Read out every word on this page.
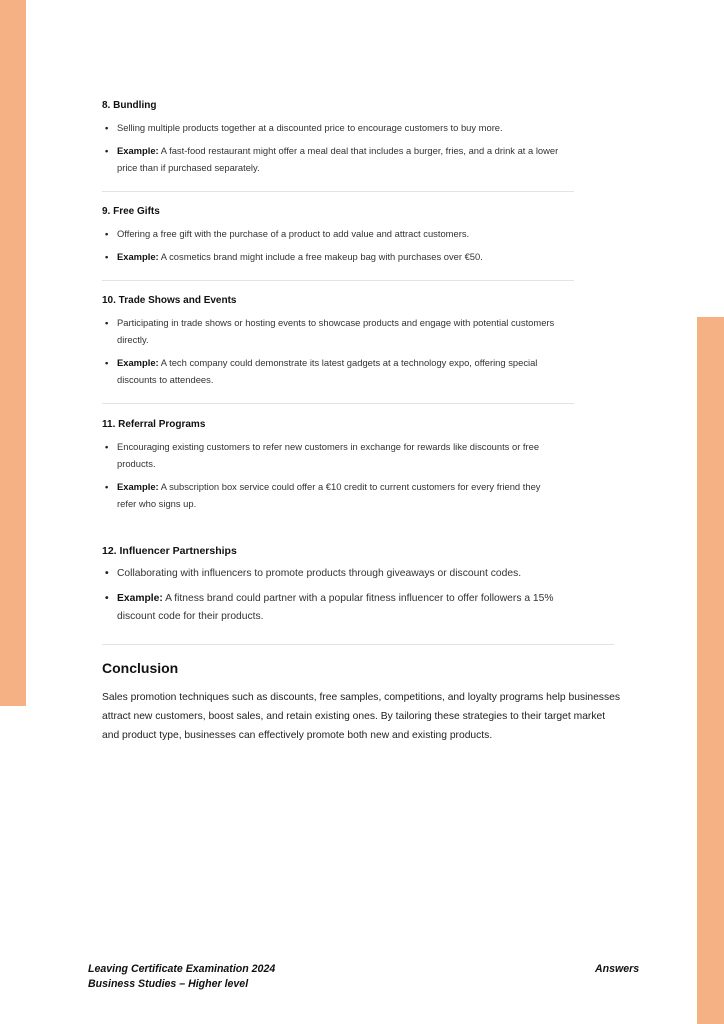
8. Bundling
• Selling multiple products together at a discounted price to encourage customers to buy more.
• Example: A fast-food restaurant might offer a meal deal that includes a burger, fries, and a drink at a lower price than if purchased separately.
9. Free Gifts
• Offering a free gift with the purchase of a product to add value and attract customers.
• Example: A cosmetics brand might include a free makeup bag with purchases over €50.
10. Trade Shows and Events
• Participating in trade shows or hosting events to showcase products and engage with potential customers directly.
• Example: A tech company could demonstrate its latest gadgets at a technology expo, offering special discounts to attendees.
11. Referral Programs
• Encouraging existing customers to refer new customers in exchange for rewards like discounts or free products.
• Example: A subscription box service could offer a €10 credit to current customers for every friend they refer who signs up.
12. Influencer Partnerships
• Collaborating with influencers to promote products through giveaways or discount codes.
• Example: A fitness brand could partner with a popular fitness influencer to offer followers a 15% discount code for their products.
Conclusion

Sales promotion techniques such as discounts, free samples, competitions, and loyalty programs help businesses attract new customers, boost sales, and retain existing ones. By tailoring these strategies to their target market and product type, businesses can effectively promote both new and existing products.

Leaving Certificate Examination 2024
Business Studies – Higher level
Answers
